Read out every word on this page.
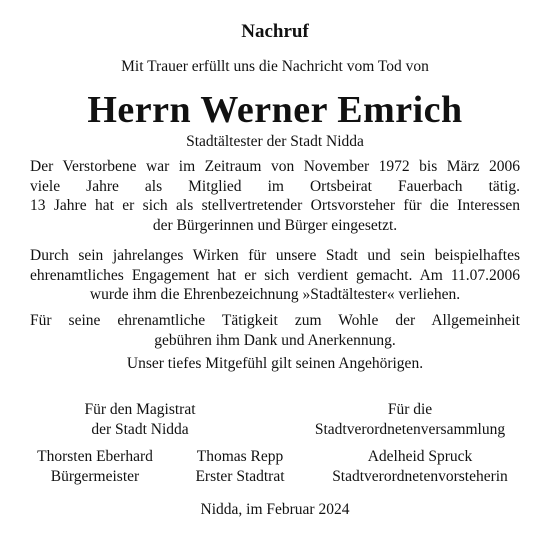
Nachruf
Mit Trauer erfüllt uns die Nachricht vom Tod von
Herrn Werner Emrich
Stadtältester der Stadt Nidda
Der Verstorbene war im Zeitraum von November 1972 bis März 2006
viele Jahre als Mitglied im Ortsbeirat Fauerbach tätig.
13 Jahre hat er sich als stellvertretender Ortsvorsteher für die Interessen
der Bürgerinnen und Bürger eingesetzt.
Durch sein jahrelanges Wirken für unsere Stadt und sein beispielhaftes
ehrenamtliches Engagement hat er sich verdient gemacht. Am 11.07.2006
wurde ihm die Ehrenbezeichnung »Stadtältester« verliehen.
Für seine ehrenamtliche Tätigkeit zum Wohle der Allgemeinheit
gebühren ihm Dank und Anerkennung.
Unser tiefes Mitgefühl gilt seinen Angehörigen.
Für den Magistrat
der Stadt Nidda
Für die
Stadtverordnetenversammlung
Thorsten Eberhard
Bürgermeister
Thomas Repp
Erster Stadtrat
Adelheid Spruck
Stadtverordnetenvorsteherin
Nidda, im Februar 2024
